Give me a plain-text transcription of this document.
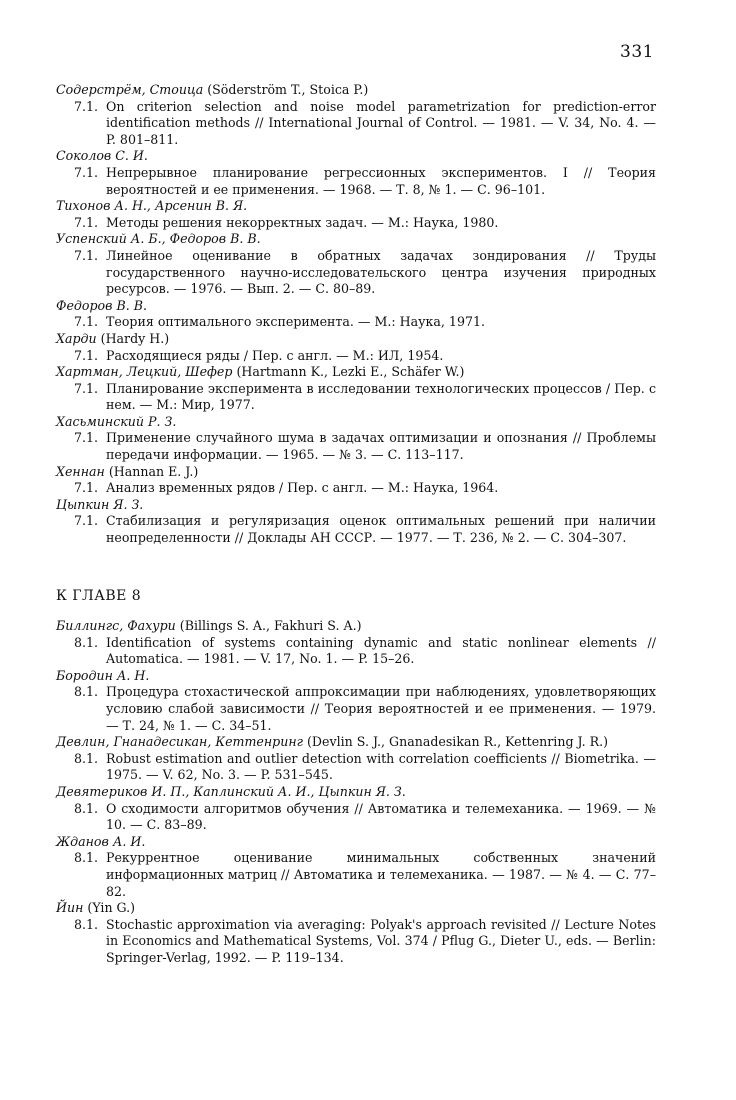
331

Содерстрём, Стоица (Söderström T., Stoica P.)

7.1. On criterion selection and noise model parametrization for prediction-error identification methods // International Journal of Control. — 1981. — V. 34, No. 4. — P. 801–811.

Соколов С. И.

7.1. Непрерывное планирование регрессионных экспериментов. I // Теория вероятностей и ее применения. — 1968. — Т. 8, № 1. — С. 96–101.

Тихонов А. Н., Арсенин В. Я.

7.1. Методы решения некорректных задач. — М.: Наука, 1980.

Успенский А. Б., Федоров В. В.

7.1. Линейное оценивание в обратных задачах зондирования // Труды государственного научно-исследовательского центра изучения природных ресурсов. — 1976. — Вып. 2. — С. 80–89.

Федоров В. В.

7.1. Теория оптимального эксперимента. — М.: Наука, 1971.

Харди (Hardy H.)

7.1. Расходящиеся ряды / Пер. с англ. — М.: ИЛ, 1954.

Хартман, Лецкий, Шефер (Hartmann K., Lezki E., Schäfer W.)

7.1. Планирование эксперимента в исследовании технологических процессов / Пер. с нем. — М.: Мир, 1977.

Хасьминский Р. З.

7.1. Применение случайного шума в задачах оптимизации и опознания // Проблемы передачи информации. — 1965. — № 3. — С. 113–117.

Хеннан (Hannan E. J.)

7.1. Анализ временных рядов / Пер. с англ. — М.: Наука, 1964.

Цыпкин Я. З.

7.1. Стабилизация и регуляризация оценок оптимальных решений при наличии неопределенности // Доклады АН СССР. — 1977. — Т. 236, № 2. — С. 304–307.

К ГЛАВЕ 8

Биллингс, Фахури (Billings S. A., Fakhuri S. A.)

8.1. Identification of systems containing dynamic and static nonlinear elements // Automatica. — 1981. — V. 17, No. 1. — P. 15–26.

Бородин А. Н.

8.1. Процедура стохастической аппроксимации при наблюдениях, удовлетворяющих условию слабой зависимости // Теория вероятностей и ее применения. — 1979. — Т. 24, № 1. — С. 34–51.

Девлин, Гнанадесикан, Кеттенринг (Devlin S. J., Gnanadesikan R., Kettenring J. R.)

8.1. Robust estimation and outlier detection with correlation coefficients // Biometrika. — 1975. — V. 62, No. 3. — P. 531–545.

Девятериков И. П., Каплинский А. И., Цыпкин Я. З.

8.1. О сходимости алгоритмов обучения // Автоматика и телемеханика. — 1969. — № 10. — С. 83–89.

Жданов А. И.

8.1. Рекуррентное оценивание минимальных собственных значений информационных матриц // Автоматика и телемеханика. — 1987. — № 4. — С. 77–82.

Йин (Yin G.)

8.1. Stochastic approximation via averaging: Polyak's approach revisited // Lecture Notes in Economics and Mathematical Systems, Vol. 374 / Pflug G., Dieter U., eds. — Berlin: Springer-Verlag, 1992. — P. 119–134.
